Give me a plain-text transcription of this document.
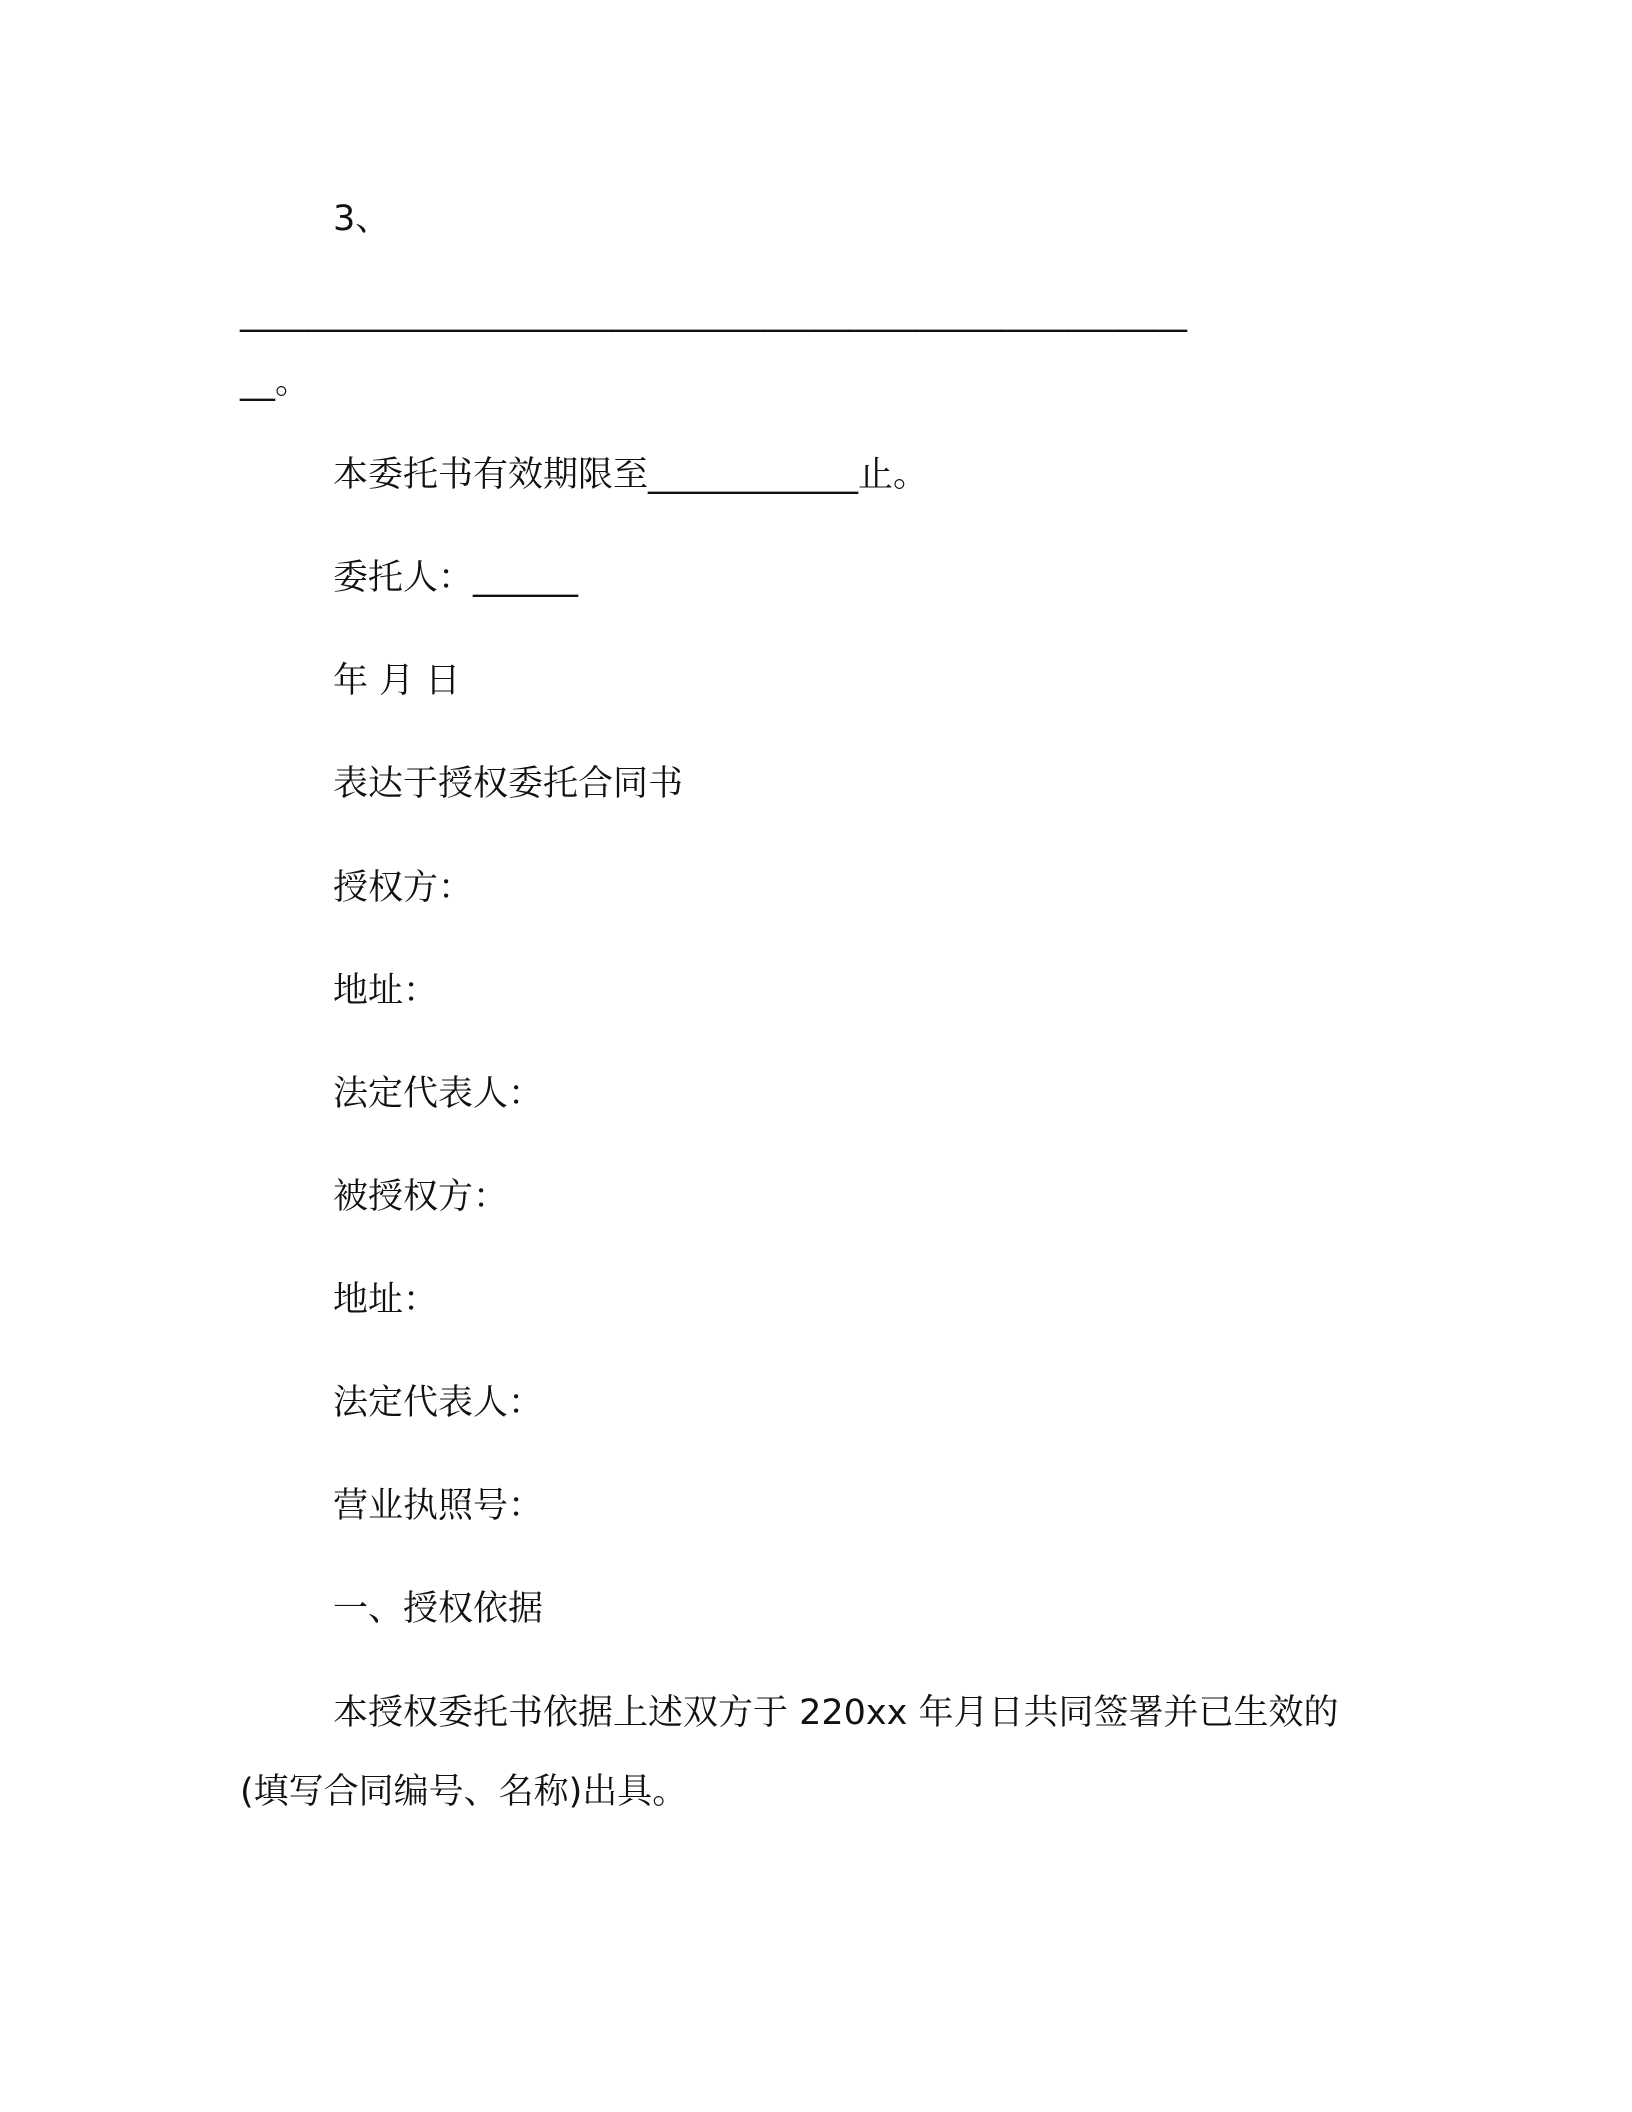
3、
________________________________________________________
__。
本委托书有效期限至____________止。
委托人：______
年 月 日
表达于授权委托合同书
授权方：
地址：
法定代表人：
被授权方：
地址：
法定代表人：
营业执照号：
一、授权依据
本授权委托书依据上述双方于 220xx 年月日共同签署并已生效的
(填写合同编号、名称)出具。
